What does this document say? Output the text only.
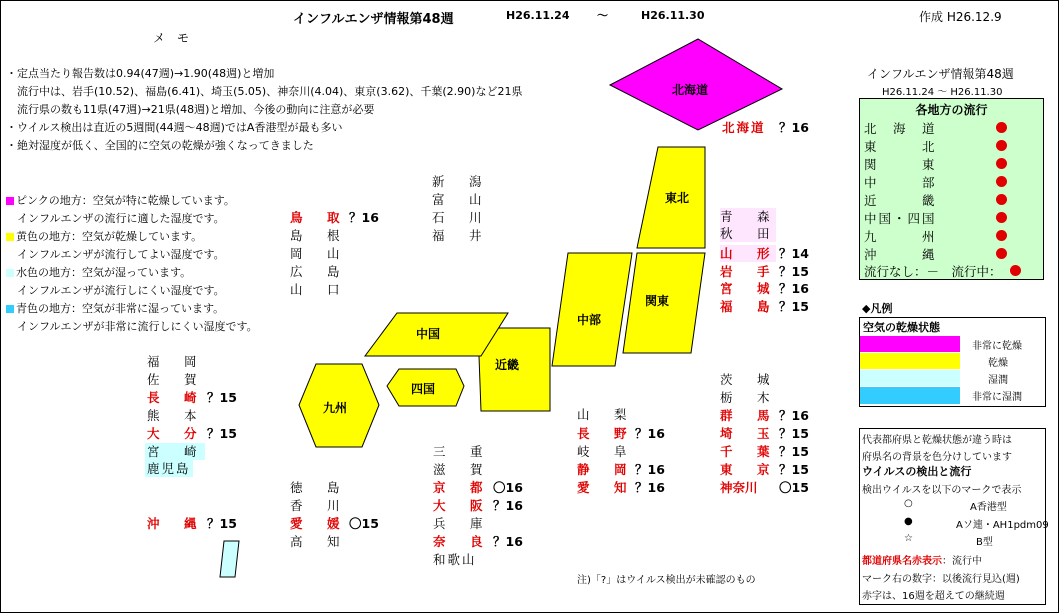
インフルエンザ情報第48週	H26.11.24	～	H26.11.30	作成 H26.12.9
メ　モ
・定点当たり報告数は0.94(47週)→1.90(48週)と増加
　流行中は、岩手(10.52)、福島(6.41)、埼玉(5.05)、神奈川(4.04)、東京(3.62)、千葉(2.90)など21県
　流行県の数も11県(47週)→21県(48週)と増加、今後の動向に注意が必要
・ウイルス検出は直近の5週間(44週～48週)ではA香港型が最も多い
・絶対湿度が低く、全国的に空気の乾燥が強くなってきました
ピンクの地方：空気が特に乾燥しています。
　インフルエンザの流行に適した湿度です。
黄色の地方：空気が乾燥しています。
　インフルエンザが流行してよい湿度です。
水色の地方：空気が湿っています。
　インフルエンザが流行しにくい湿度です。
青色の地方：空気が非常に湿っています。
　インフルエンザが非常に流行しにくい湿度です。
北海道
東北
関東
中部
近畿
中国
四国
九州
北海道 ？16
青　森
秋　田
山　形 ？14
岩　手 ？15
宮　城 ？16
福　島 ？15
新　潟
富　山
石　川
福　井
鳥　取 ？16
島　根
岡　山
広　島
山　口
茨　城
栃　木
群　馬 ？16
埼　玉 ？15
千　葉 ？15
東　京 ？15
神奈川 〇15
山　梨
長　野 ？16
岐　阜
静　岡 ？16
愛　知 ？16
三　重
滋　賀
京　都 〇16
大　阪 ？16
兵　庫
奈　良 ？16
和歌山
徳　島
香　川
愛　媛 〇15
高　知
福　岡
佐　賀
長　崎 ？15
熊　本
大　分 ？15
宮　崎
鹿児島
沖　縄 ？15
注)「?」はウイルス検出が未確認のもの
インフルエンザ情報第48週
H26.11.24 ～ H26.11.30
各地方の流行
北　海　道
東　　　北
関　　　東
中　　　部
近　　　畿
中国・四国
九　　　州
沖　　　縄
流行なし：－　流行中：
◆凡例
空気の乾燥状態
非常に乾燥
乾燥
湿潤
非常に湿潤
代表都府県と乾燥状態が違う時は
府県名の背景を色分けしています
ウイルスの検出と流行
検出ウイルスを以下のマークで表示
○	A香港型
●	Aソ連・AH1pdm09
☆	B型
都道府県名赤表示：流行中
マーク右の数字：以後流行見込(週)
赤字は、16週を超えての継続週
